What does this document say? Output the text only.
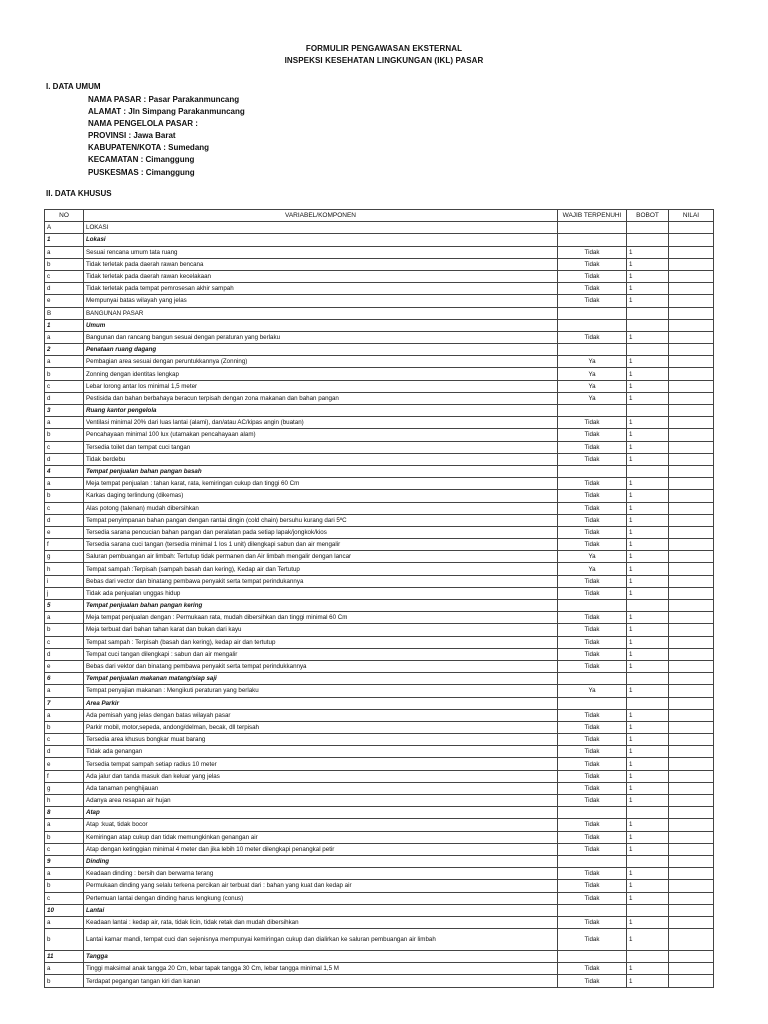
FORMULIR PENGAWASAN EKSTERNAL
INSPEKSI KESEHATAN LINGKUNGAN (IKL) PASAR
I. DATA UMUM
NAMA PASAR : Pasar Parakanmuncang
ALAMAT : Jln Simpang Parakanmuncang
NAMA PENGELOLA PASAR :
PROVINSI : Jawa Barat
KABUPATEN/KOTA : Sumedang
KECAMATAN : Cimanggung
PUSKESMAS : Cimanggung
II. DATA KHUSUS
NO	VARIABEL/KOMPONEN	WAJIB TERPENUHI	BOBOT	NILAI
A	LOKASI			
1	Lokasi			
a	Sesuai rencana umum tata ruang	Tidak	1	
b	Tidak terletak pada daerah rawan bencana	Tidak	1	
c	Tidak terletak pada daerah rawan kecelakaan	Tidak	1	
d	Tidak terletak pada tempat pemrosesan akhir sampah	Tidak	1	
e	Mempunyai batas wilayah yang jelas	Tidak	1	
B	BANGUNAN PASAR			
1	Umum			
a	Bangunan dan rancang bangun sesuai dengan peraturan yang berlaku	Tidak	1	
2	Penataan ruang dagang			
a	Pembagian area sesuai dengan peruntukkannya (Zonning)	Ya	1	
b	Zonning dengan identitas lengkap	Ya	1	
c	Lebar lorong antar los minimal 1,5 meter	Ya	1	
d	Pestisida dan bahan berbahaya beracun terpisah dengan zona makanan dan bahan pangan	Ya	1	
3	Ruang kantor pengelola			
a	Ventilasi minimal 20% dari luas lantai (alami), dan/atau AC/kipas angin (buatan)	Tidak	1	
b	Pencahayaan minimal 100 lux (utamakan pencahayaan alam)	Tidak	1	
c	Tersedia toilet dan tempat cuci tangan	Tidak	1	
d	Tidak berdebu	Tidak	1	
4	Tempat penjualan bahan pangan basah			
a	Meja tempat penjualan : tahan karat, rata, kemiringan cukup dan tinggi 60 Cm	Tidak	1	
b	Karkas daging terlindung (dikemas)	Tidak	1	
c	Alas potong (talenan) mudah dibersihkan	Tidak	1	
d	Tempat penyimpanan bahan pangan dengan rantai dingin (cold chain) bersuhu kurang dari 5ºC	Tidak	1	
e	Tersedia sarana pencucian bahan pangan dan peralatan pada setiap lapak/jongkok/kios	Tidak	1	
f	Tersedia sarana cuci tangan (tersedia minimal 1 los 1 unit) dilengkapi sabun dan air mengalir	Tidak	1	
g	Saluran pembuangan air limbah: Tertutup tidak permanen dan Air limbah mengalir dengan lancar	Ya	1	
h	Tempat sampah :Terpisah (sampah basah dan kering), Kedap air dan Tertutup	Ya	1	
i	Bebas dari vector dan binatang pembawa penyakit serta tempat perindukannya	Tidak	1	
j	Tidak ada penjualan unggas hidup	Tidak	1	
5	Tempat penjualan bahan pangan kering			
a	Meja tempat penjualan dengan : Permukaan rata, mudah dibersihkan dan tinggi minimal 60 Cm	Tidak	1	
b	Meja terbuat dari bahan tahan karat dan bukan dari kayu	Tidak	1	
c	Tempat sampah : Terpisah (basah dan kering), kedap air dan tertutup	Tidak	1	
d	Tempat cuci tangan dilengkapi : sabun dan air mengalir	Tidak	1	
e	Bebas dari vektor dan binatang pembawa penyakit serta tempat perindukkannya	Tidak	1	
6	Tempat penjualan makanan matang/siap saji			
a	Tempat penyajian makanan : Mengikuti peraturan yang berlaku	Ya	1	
7	Area Parkir			
a	Ada pemisah yang jelas dengan batas wilayah pasar	Tidak	1	
b	Parkir mobil, motor,sepeda, andong/delman, becak, dll terpisah	Tidak	1	
c	Tersedia area khusus bongkar muat barang	Tidak	1	
d	Tidak ada genangan	Tidak	1	
e	Tersedia tempat sampah setiap radius 10 meter	Tidak	1	
f	Ada jalur dan tanda masuk dan keluar yang jelas	Tidak	1	
g	Ada tanaman penghijauan	Tidak	1	
h	Adanya area resapan air hujan	Tidak	1	
8	Atap			
a	Atap :kuat, tidak bocor	Tidak	1	
b	Kemiringan atap cukup dan tidak memungkinkan genangan air	Tidak	1	
c	Atap dengan ketinggian minimal 4 meter dan jika lebih 10 meter dilengkapi penangkal petir	Tidak	1	
9	Dinding			
a	Keadaan dinding : bersih dan berwarna terang	Tidak	1	
b	Permukaan dinding yang selalu terkena percikan air terbuat dari : bahan yang kuat dan kedap air	Tidak	1	
c	Pertemuan lantai dengan dinding harus lengkung (conus)	Tidak	1	
10	Lantai			
a	Keadaan lantai : kedap air, rata, tidak licin, tidak retak dan mudah dibersihkan	Tidak	1	
b	Lantai kamar mandi, tempat cuci dan sejenisnya mempunyai kemiringan cukup dan dialirkan ke saluran pembuangan air limbah	Tidak	1	
11	Tangga			
a	Tinggi maksimal anak tangga 20 Cm, lebar tapak tangga 30 Cm, lebar tangga minimal 1,5 M	Tidak	1	
b	Terdapat pegangan tangan kiri dan kanan	Tidak	1	
